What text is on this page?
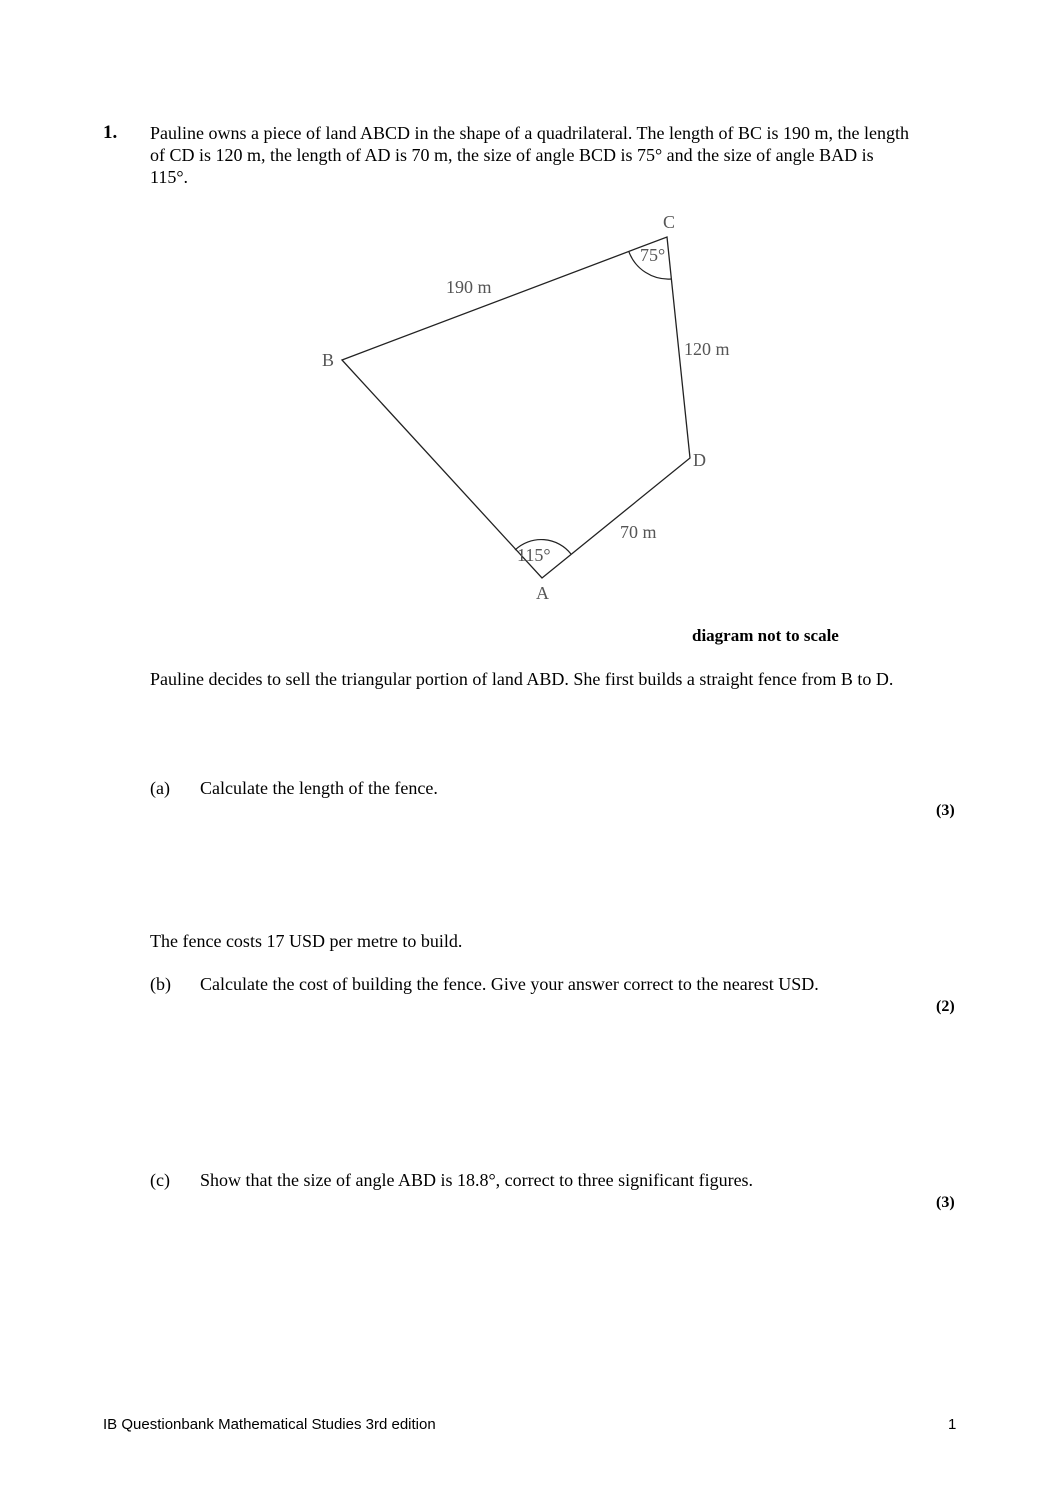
1. Pauline owns a piece of land ABCD in the shape of a quadrilateral. The length of BC is 190 m, the length of CD is 120 m, the length of AD is 70 m, the size of angle BCD is 75° and the size of angle BAD is 115°.
C
B
D
A
190 m
120 m
70 m
75°
115°
diagram not to scale
Pauline decides to sell the triangular portion of land ABD. She first builds a straight fence from B to D.
(a) Calculate the length of the fence.
(3)
The fence costs 17 USD per metre to build.
(b) Calculate the cost of building the fence. Give your answer correct to the nearest USD.
(2)
(c) Show that the size of angle ABD is 18.8°, correct to three significant figures.
(3)
IB Questionbank Mathematical Studies 3rd edition	1
